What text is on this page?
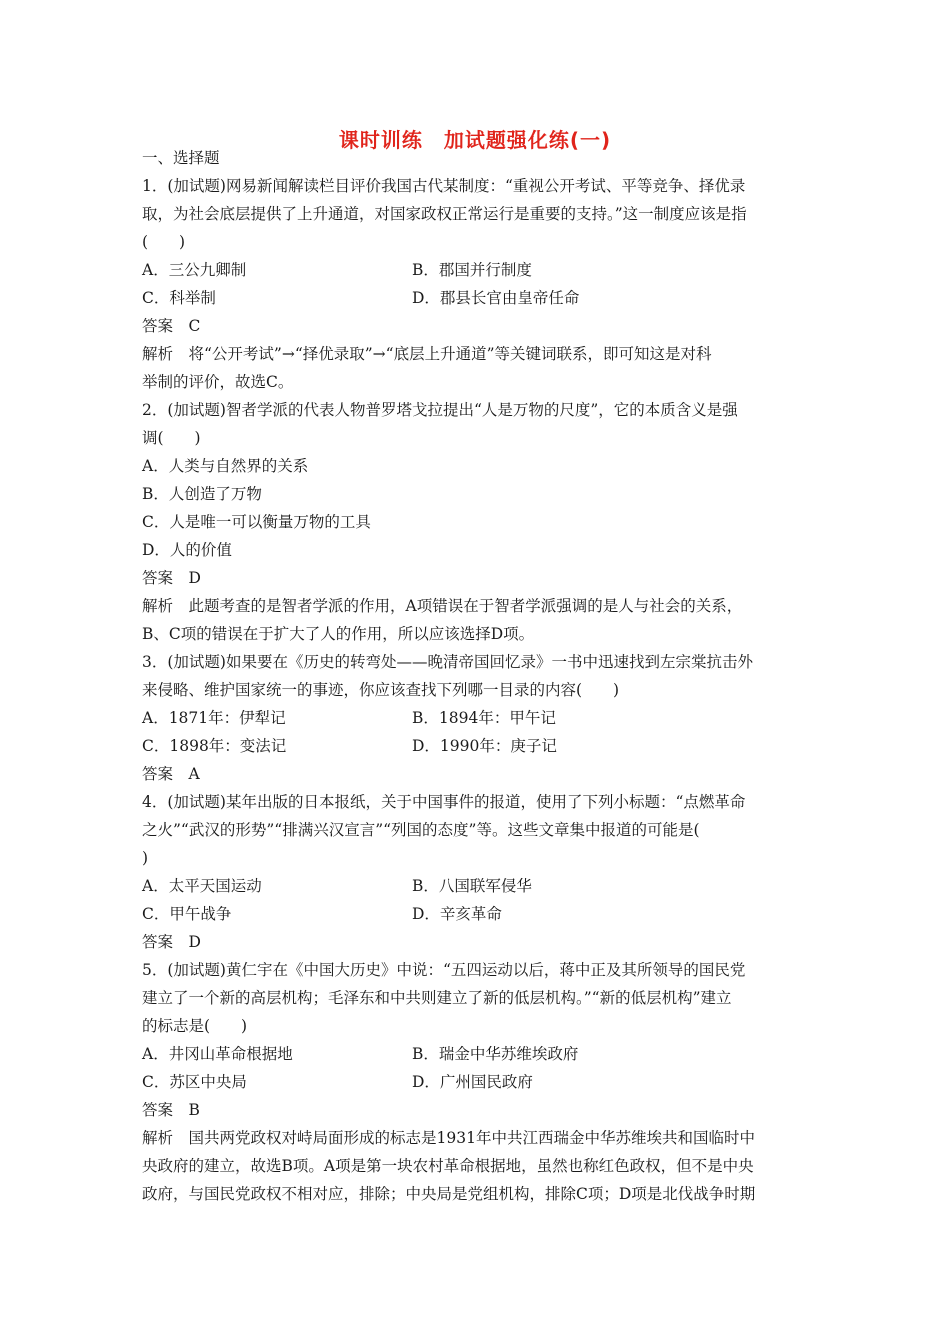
课时训练　加试题强化练(一)
一、选择题
1．(加试题)网易新闻解读栏目评价我国古代某制度：“重视公开考试、平等竞争、择优录
取，为社会底层提供了上升通道，对国家政权正常运行是重要的支持。”这一制度应该是指
(　　)
A．三公九卿制	B．郡国并行制度
C．科举制	D．郡县长官由皇帝任命
答案　C
解析　将“公开考试”→“择优录取”→“底层上升通道”等关键词联系，即可知这是对科
举制的评价，故选C。
2．(加试题)智者学派的代表人物普罗塔戈拉提出“人是万物的尺度”，它的本质含义是强
调(　　)
A．人类与自然界的关系
B．人创造了万物
C．人是唯一可以衡量万物的工具
D．人的价值
答案　D
解析　此题考查的是智者学派的作用，A项错误在于智者学派强调的是人与社会的关系，
B、C项的错误在于扩大了人的作用，所以应该选择D项。
3．(加试题)如果要在《历史的转弯处——晚清帝国回忆录》一书中迅速找到左宗棠抗击外
来侵略、维护国家统一的事迹，你应该查找下列哪一目录的内容(　　)
A．1871年：伊犁记	B．1894年：甲午记
C．1898年：变法记	D．1990年：庚子记
答案　A
4．(加试题)某年出版的日本报纸，关于中国事件的报道，使用了下列小标题：“点燃革命
之火”“武汉的形势”“排满兴汉宣言”“列国的态度”等。这些文章集中报道的可能是(
)
A．太平天国运动	B．八国联军侵华
C．甲午战争	D．辛亥革命
答案　D
5．(加试题)黄仁宇在《中国大历史》中说：“五四运动以后，蒋中正及其所领导的国民党
建立了一个新的高层机构；毛泽东和中共则建立了新的低层机构。”“新的低层机构”建立
的标志是(　　)
A．井冈山革命根据地	B．瑞金中华苏维埃政府
C．苏区中央局	D．广州国民政府
答案　B
解析　国共两党政权对峙局面形成的标志是1931年中共江西瑞金中华苏维埃共和国临时中
央政府的建立，故选B项。A项是第一块农村革命根据地，虽然也称红色政权，但不是中央
政府，与国民党政权不相对应，排除；中央局是党组机构，排除C项；D项是北伐战争时期
